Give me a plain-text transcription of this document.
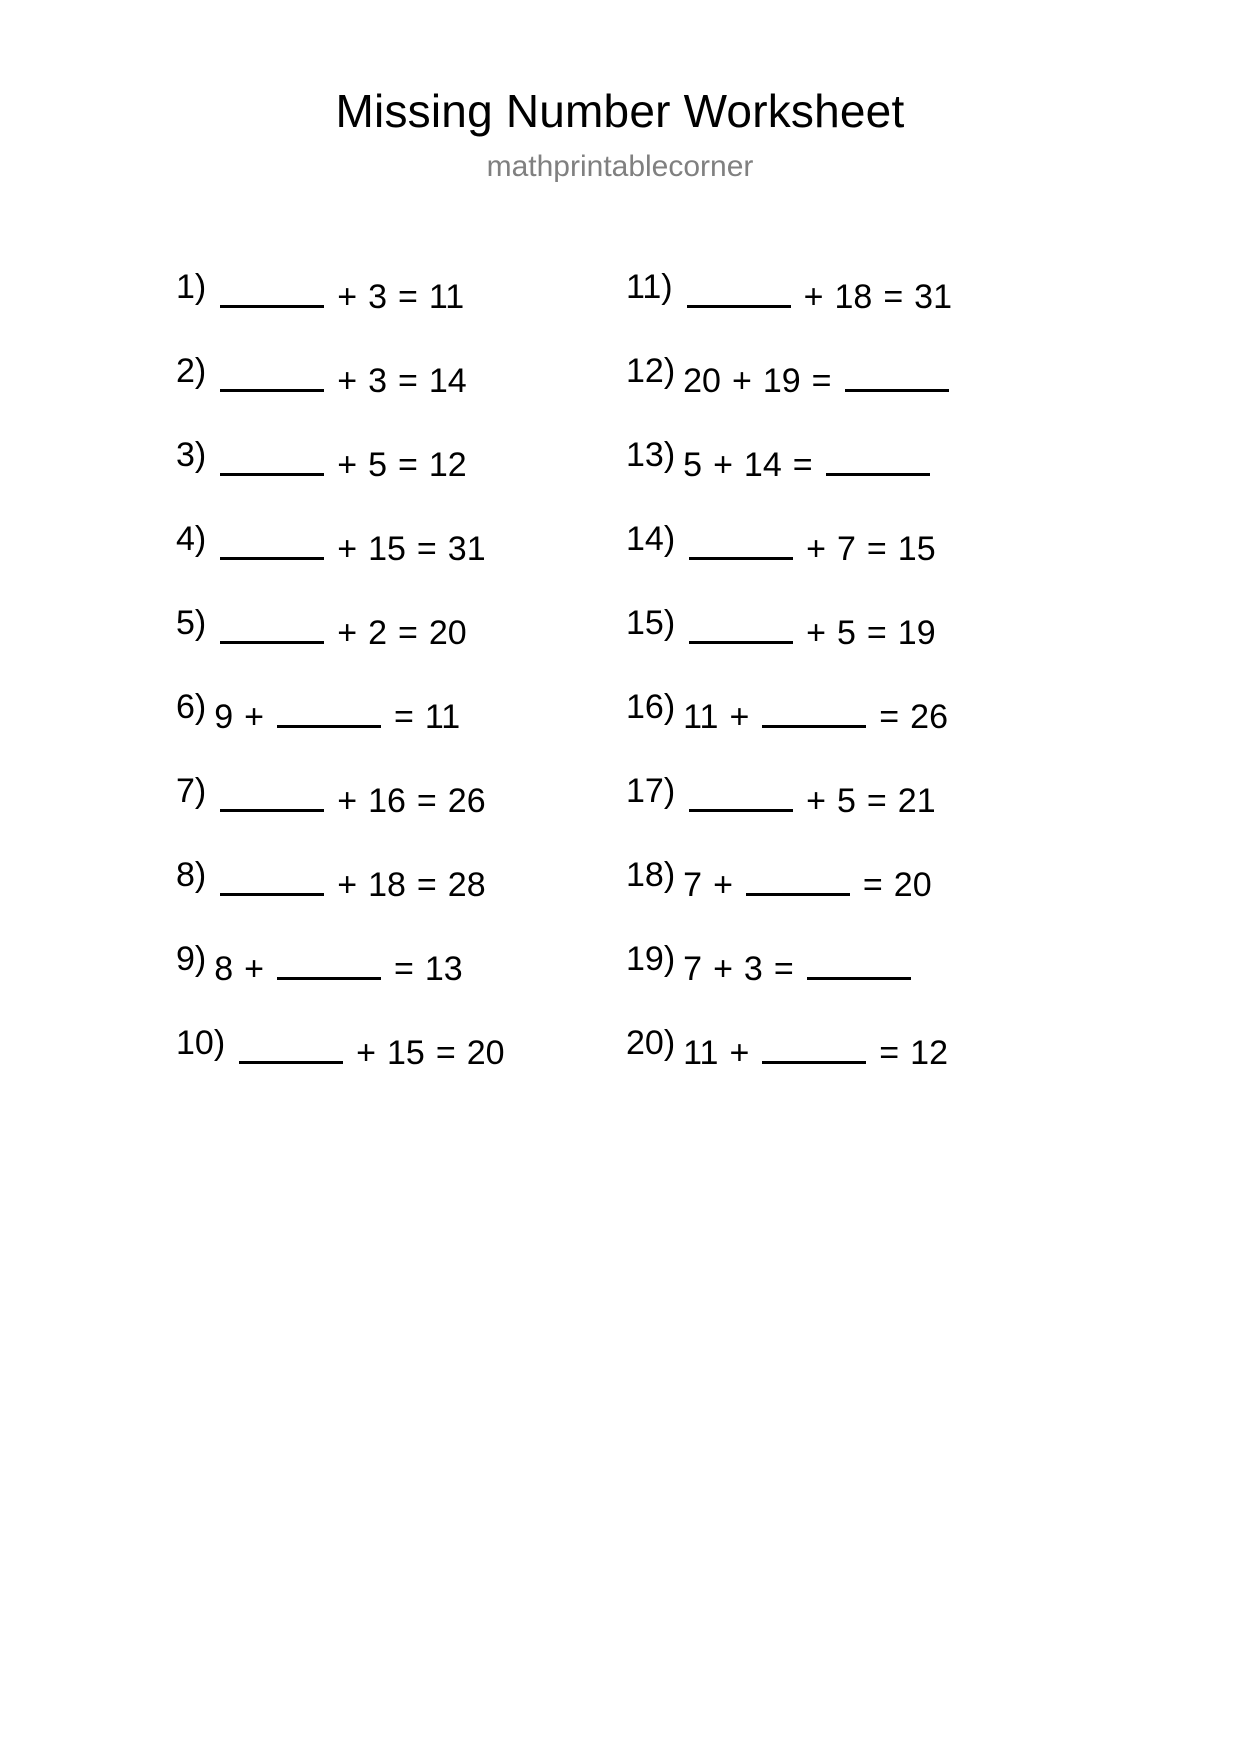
Missing Number Worksheet
mathprintablecorner
1)	+ 3 = 11
2)	+ 3 = 14
3)	+ 5 = 12
4)	+ 15 = 31
5)	+ 2 = 20
6) 9 +	= 11
7)	+ 16 = 26
8)	+ 18 = 28
9) 8 +	= 13
10)	+ 15 = 20
11)	+ 18 = 31
12) 20 + 19 =
13) 5 + 14 =
14)	+ 7 = 15
15)	+ 5 = 19
16) 11 +	= 26
17)	+ 5 = 21
18) 7 +	= 20
19) 7 + 3 =
20) 11 +	= 12
